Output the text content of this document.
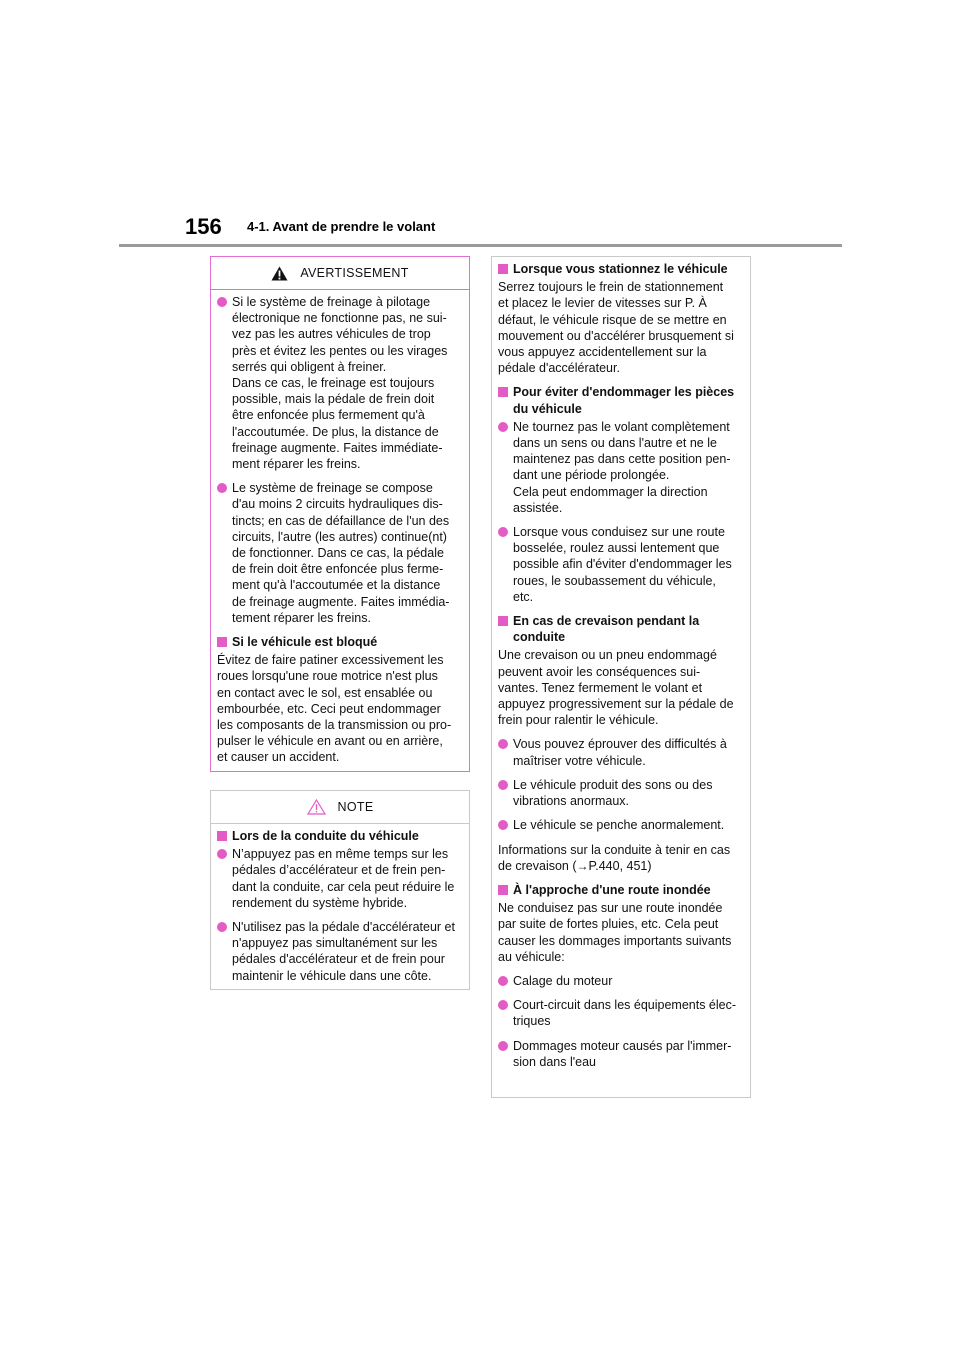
156 4-1. Avant de prendre le volant
AVERTISSEMENT
Si le système de freinage à pilotage
électronique ne fonctionne pas, ne sui-
vez pas les autres véhicules de trop
près et évitez les pentes ou les virages
serrés qui obligent à freiner.
Dans ce cas, le freinage est toujours
possible, mais la pédale de frein doit
être enfoncée plus fermement qu'à
l'accoutumée. De plus, la distance de
freinage augmente. Faites immédiate-
ment réparer les freins.
Le système de freinage se compose
d'au moins 2 circuits hydrauliques dis-
tincts; en cas de défaillance de l'un des
circuits, l'autre (les autres) continue(nt)
de fonctionner. Dans ce cas, la pédale
de frein doit être enfoncée plus ferme-
ment qu'à l'accoutumée et la distance
de freinage augmente. Faites immédia-
tement réparer les freins.
Si le véhicule est bloqué
Évitez de faire patiner excessivement les
roues lorsqu'une roue motrice n'est plus
en contact avec le sol, est ensablée ou
embourbée, etc. Ceci peut endommager
les composants de la transmission ou pro-
pulser le véhicule en avant ou en arrière,
et causer un accident.
NOTE
Lors de la conduite du véhicule
N’appuyez pas en même temps sur les
pédales d’accélérateur et de frein pen-
dant la conduite, car cela peut réduire le
rendement du système hybride.
N'utilisez pas la pédale d'accélérateur et
n'appuyez pas simultanément sur les
pédales d'accélérateur et de frein pour
maintenir le véhicule dans une côte.
Lorsque vous stationnez le véhicule
Serrez toujours le frein de stationnement
et placez le levier de vitesses sur P. À
défaut, le véhicule risque de se mettre en
mouvement ou d'accélérer brusquement si
vous appuyez accidentellement sur la
pédale d'accélérateur.
Pour éviter d'endommager les pièces
du véhicule
Ne tournez pas le volant complètement
dans un sens ou dans l'autre et ne le
maintenez pas dans cette position pen-
dant une période prolongée.
Cela peut endommager la direction
assistée.
Lorsque vous conduisez sur une route
bosselée, roulez aussi lentement que
possible afin d'éviter d'endommager les
roues, le soubassement du véhicule,
etc.
En cas de crevaison pendant la
conduite
Une crevaison ou un pneu endommagé
peuvent avoir les conséquences sui-
vantes. Tenez fermement le volant et
appuyez progressivement sur la pédale de
frein pour ralentir le véhicule.
Vous pouvez éprouver des difficultés à
maîtriser votre véhicule.
Le véhicule produit des sons ou des
vibrations anormaux.
Le véhicule se penche anormalement.
Informations sur la conduite à tenir en cas
de crevaison (→P.440, 451)
À l'approche d'une route inondée
Ne conduisez pas sur une route inondée
par suite de fortes pluies, etc. Cela peut
causer les dommages importants suivants
au véhicule:
Calage du moteur
Court-circuit dans les équipements élec-
triques
Dommages moteur causés par l'immer-
sion dans l'eau
